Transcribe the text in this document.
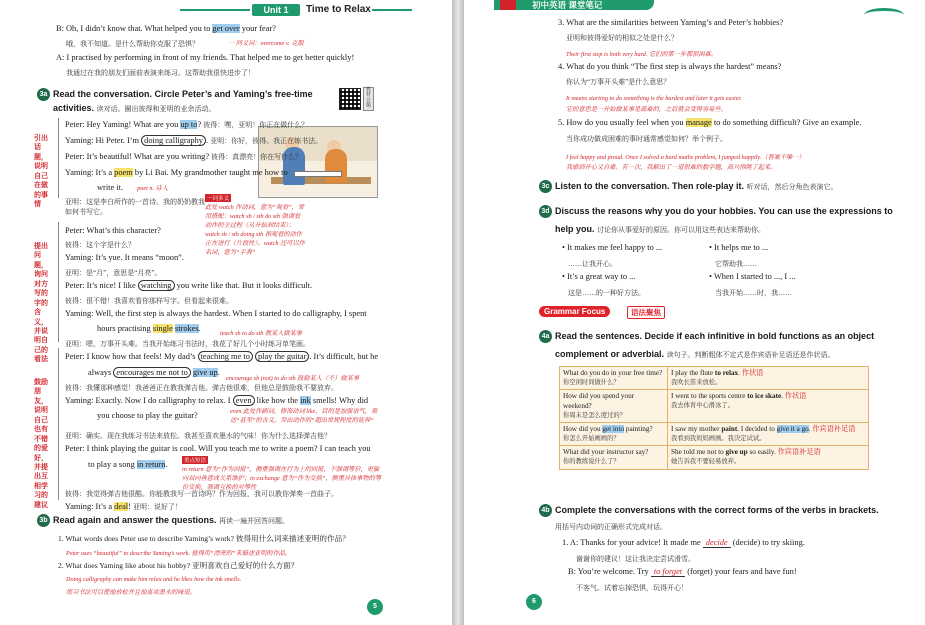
Unit 1	Time to Relax
B: Oh, I didn’t know that. What helped you to get over your fear?
哦，我不知道。是什么帮助你克服了恐惧？	一 同义词：overcome v. 克服
A: I practised by performing in front of my friends. That helped me to get better quickly!
我通过在我的朋友们面前表演来练习。这帮助我很快进步了！
3a Read the conversation. Circle Peter’s and Yaming’s free-time
activities. 读对话。圈出彼得和亚明的业余活动。
教材音频
引出话题，说明自己在做的事情
提出问题，询问对方写的字的含义，并说明自己的看法
鼓励朋友，说明自己也有不错的爱好，并提出互相学习的建议
Peter: Hey Yaming! What are you up to? 彼得：嘿，亚明！你正在做什么？
Yaming: Hi Peter. I’m doing calligraphy . 亚明：你好，彼得。我正在练书法。
Peter: It’s beautiful! What are you writing? 彼得：真漂亮！你在写什么？
Yaming: It’s a poem by Li Bai. My grandmother taught me how to
write it. poet n. 诗人
亚明：这是李白所作的一首诗。我的奶奶教我如何书写它。
一词多义
此处 watch 作动词，意为“观看”，常用搭配：watch sb / sth do sth 强调看动作的全过程（从开始到结束）；watch sb / sth doing sth 指观看的动作正在进行（片段性）。watch 还可以作名词，意为“手表”
Peter: What’s this character?
彼得：这个字是什么？
Yaming: It’s yue. It means “moon”.
亚明：是“月”，意思是“月亮”。
Peter: It’s nice! I like watching you write like that. But it looks difficult.
彼得：很不错！我喜欢看你那样写字。但看起来很难。
Yaming: Well, the first step is always the hardest. When I started to do calligraphy, I spent
hours practising single strokes.
teach sb to do sth 教某人做某事
亚明：嗯，万事开头难。当我开始练习书法时，我花了好几个小时练习单笔画。
Peter: I know how that feels! My dad’s teaching me to play the guitar . It’s difficult, but he
always encourages me not to give up.
encourage sb (not) to do sth 鼓励某人（不）做某事
彼得：我懂那种感觉！我爸爸正在教我弹吉他。弹吉他很难，但他总是鼓励我不要放弃。
Yaming: Exactly. Now I do calligraphy to relax. I even like how the ink smells! Why did
you choose to play the guitar?	even 此处作副词，修饰动词 like，目的是加强语气，表达“甚至”的含义。突出动作的“超出常规程度的延伸”
亚明：确实。现在我练习书法来放松。我甚至喜欢墨水的气味！你为什么选择弹吉他？
Peter: I think playing the guitar is cool. Will you teach me to write a poem? I can teach you
to play a song in return.	重点短语
in return 意为“作为回报”，侧重强调在行为上的回报，不强调等价，更偏向双向善意或关系维护；in exchange 意为“作为交换”，侧重具体事物的等价交换，强调互换的对等性
彼得：我觉得弹吉他很酷。你能教我写一首诗吗？作为回报，我可以教你弹奏一首曲子。
Yaming: It’s a deal! 亚明：说好了！
3b Read again and answer the questions. 再读一遍并回答问题。
1. What words does Peter use to describe Yaming’s work? 彼得用什么词来描述亚明的作品？
Peter uses “beautiful” to describe Yaming’s work. 彼得用“漂亮的”来描述亚明的作品。
2. What does Yaming like about his hobby? 亚明喜欢自己爱好的什么方面？
Doing calligraphy can make him relax and he likes how the ink smells.
练习书法可以使他放松并且他喜欢墨水的味道。
5
初中英语 课堂笔记
3. What are the similarities between Yaming’s and Peter’s hobbies?
亚明和彼得爱好的相似之处是什么？
Their first step is both very hard. 它们的第一步都很困难。
4. What do you think “The first step is always the hardest” means?
你认为“万事开头难”是什么意思？
It means starting to do something is the hardest and later it gets easier.
它的意思是一开始做某事是最难的，之后就会变得容易些。
5. How do you usually feel when you manage to do something difficult? Give an example.
当你成功做成困难的事时通常感觉如何？举个例子。
I feel happy and proud. Once I solved a hard maths problem, I jumped happily.（答案不唯一）
我感到开心又自豪。有一次，我解出了一道很难的数学题，高兴得跳了起来。
3c Listen to the conversation. Then role-play it. 听对话，然后分角色表演它。
3d Discuss the reasons why you do your hobbies. You can use the expressions to
help you. 讨论你从事爱好的原因。你可以用这些表达来帮助你。
• It makes me feel happy to ...
……让我开心。
• It helps me to ...
它帮助我……
• It’s a great way to ...
这是……的一种好方法。
• When I started to ..., I ...
当我开始……时，我……
Grammar Focus	语法聚焦
4a Read the sentences. Decide if each infinitive in bold functions as an object
complement or adverbial. 读句子。判断粗体不定式是作宾语补足语还是作状语。
What do you do in your free time?
你空闲时间做什么？	I play the flute to relax. 作状语
我吹长笛来放松。

How did you spend your weekend?
你周末是怎么度过的？	I went to the sports centre to ice skate. 作状语
我去体育中心滑冰了。

How did you get into painting?
你怎么开始画画的？	I saw my mother paint. I decided to give it a go. 作宾语补足语
我看到我妈妈画画。我决定试试。

What did your instructor say?
你的教练说什么了？	She told me not to give up so easily. 作宾语补足语
她告诉我不要轻易放弃。
4b Complete the conversations with the correct forms of the verbs in brackets.
用括号内动词的正确形式完成对话。
1. A: Thanks for your advice! It made me decide (decide) to try skiing.
谢谢你的建议！这让我决定尝试滑雪。
B: You’re welcome. Try to forget (forget) your fears and have fun!
不客气。试着忘掉恐惧，玩得开心！
6
